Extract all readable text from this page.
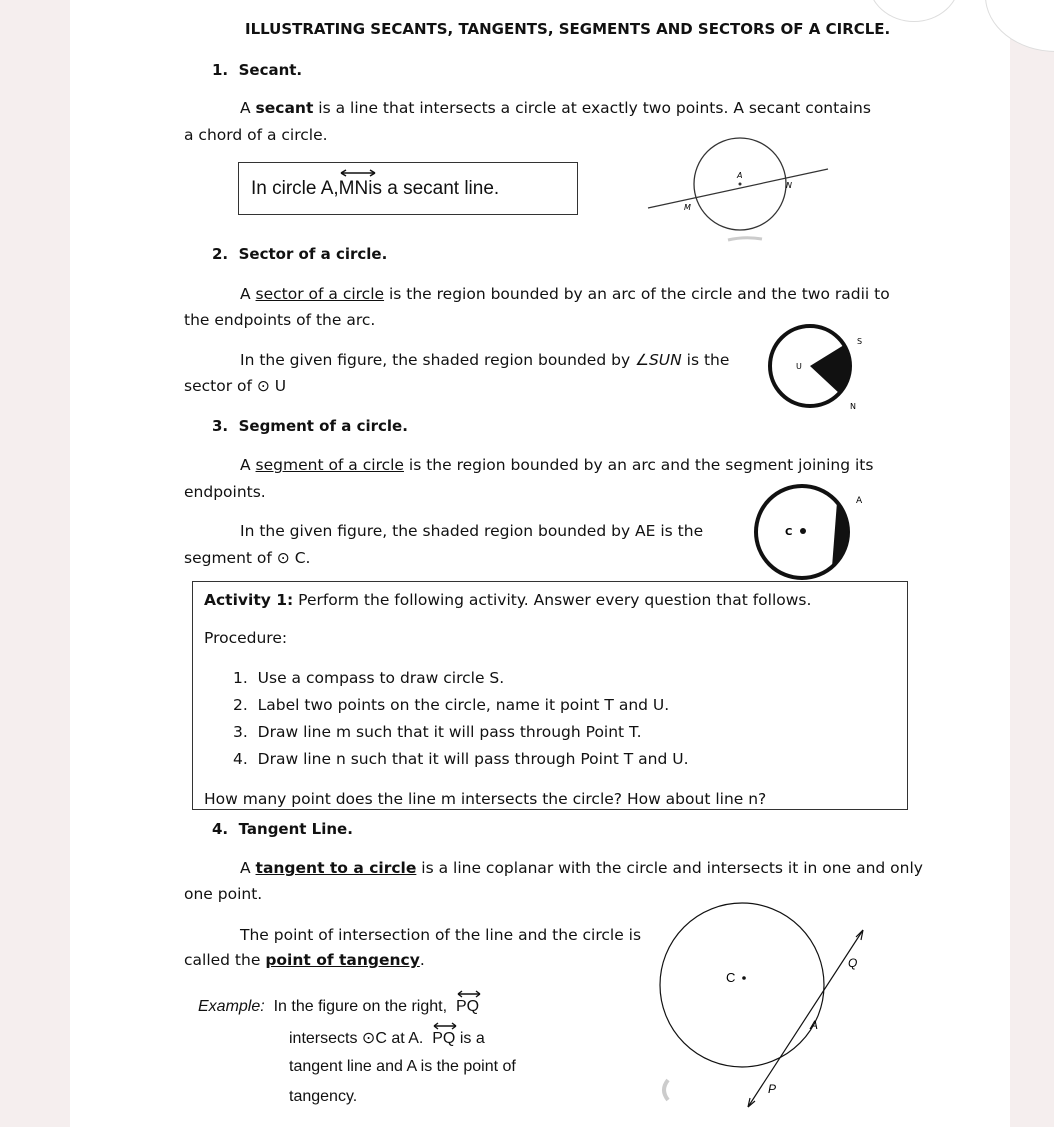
ILLUSTRATING SECANTS, TANGENTS, SEGMENTS AND SECTORS OF A CIRCLE.
1. Secant.
A secant is a line that intersects a circle at exactly two points. A secant contains
a chord of a circle.
In circle A, MN is a secant line.
A
M
N
2. Sector of a circle.
A sector of a circle is the region bounded by an arc of the circle and the two radii to
the endpoints of the arc.
In the given figure, the shaded region bounded by ∠SUN is the
sector of ⊙ U
U
S
N
3. Segment of a circle.
A segment of a circle is the region bounded by an arc and the segment joining its
endpoints.
In the given figure, the shaded region bounded by AE is the
segment of ⊙ C.
C
A
Activity 1: Perform the following activity. Answer every question that follows.
Procedure:
1. Use a compass to draw circle S.
2. Label two points on the circle, name it point T and U.
3. Draw line m such that it will pass through Point T.
4. Draw line n such that it will pass through Point T and U.
How many point does the line m intersects the circle? How about line n?
4. Tangent Line.
A tangent to a circle is a line coplanar with the circle and intersects it in one and only
one point.
The point of intersection of the line and the circle is
called the point of tangency.
Example: In the figure on the right, PQ
intersects ⊙C at A. PQ is a
tangent line and A is the point of
tangency.
C
Q
A
P
